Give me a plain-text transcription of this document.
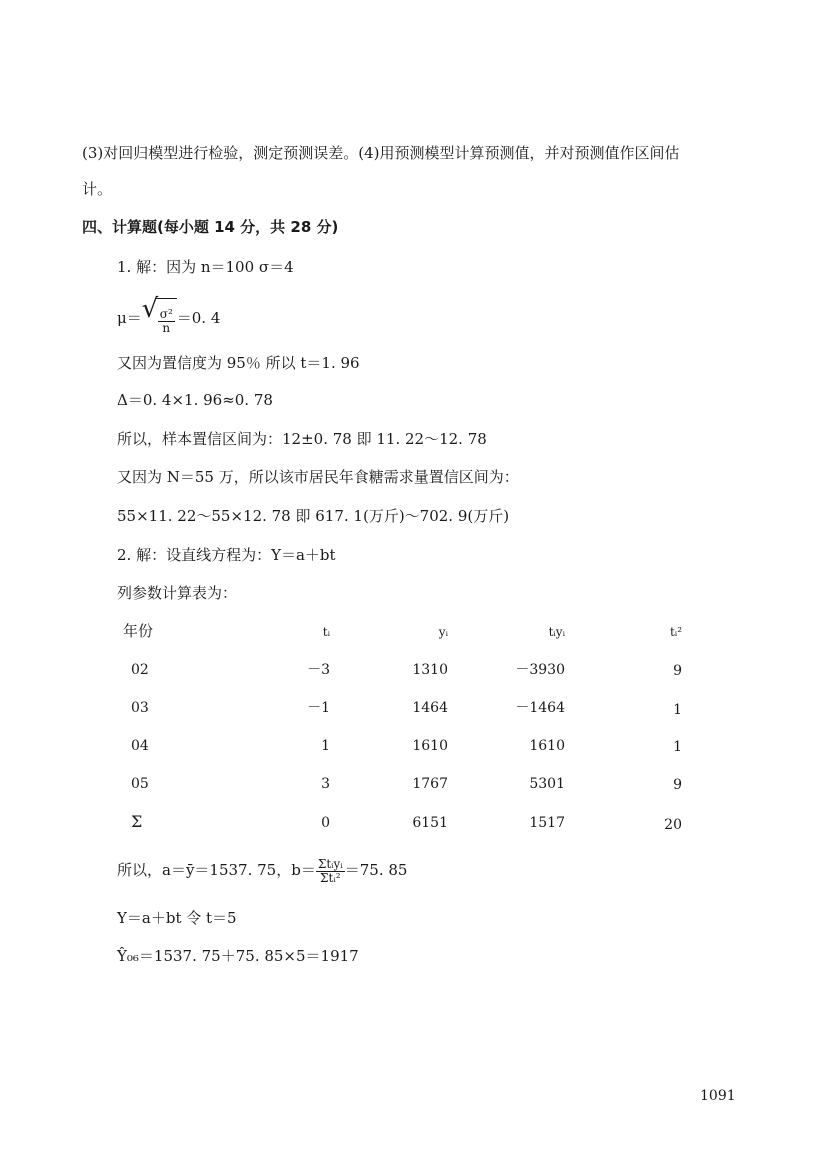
(3)对回归模型进行检验，测定预测误差。(4)用预测模型计算预测值，并对预测值作区间估
计。
四、计算题(每小题 14 分，共 28 分)
1. 解：因为 n＝100 σ＝4
μ＝ √ $\frac{\text{σ²}}{n} =0$. 4
又因为置信度为 95％ 所以 t＝1. 96
Δ＝0. 4×1. 96≈0. 78
所以，样本置信区间为：12±0. 78 即 11. 22～12. 78
又因为 N＝55 万，所以该市居民年食糖需求量置信区间为：
55×11. 22～55×12. 78 即 617. 1(万斤)～702. 9(万斤)
2. 解：设直线方程为：Y＝a＋bt
列参数计算表为：
年份	tᵢ	yᵢ	tᵢyᵢ	tᵢ²
02	－3	1310	－3930	9
03	－1	1464	－1464	1
04	1	1610	1610	1
05	3	1767	5301	9
Σ	0	6151	1517	20
所以，a＝ȳ＝1537. 75，$b= \frac{\text{Σtᵢyᵢ}}{\text{Σtᵢ²}} =75$. 85
Y＝a＋bt 令 t＝5
Ŷ₀₆＝1537. 75＋75. 85×5＝1917
1091
